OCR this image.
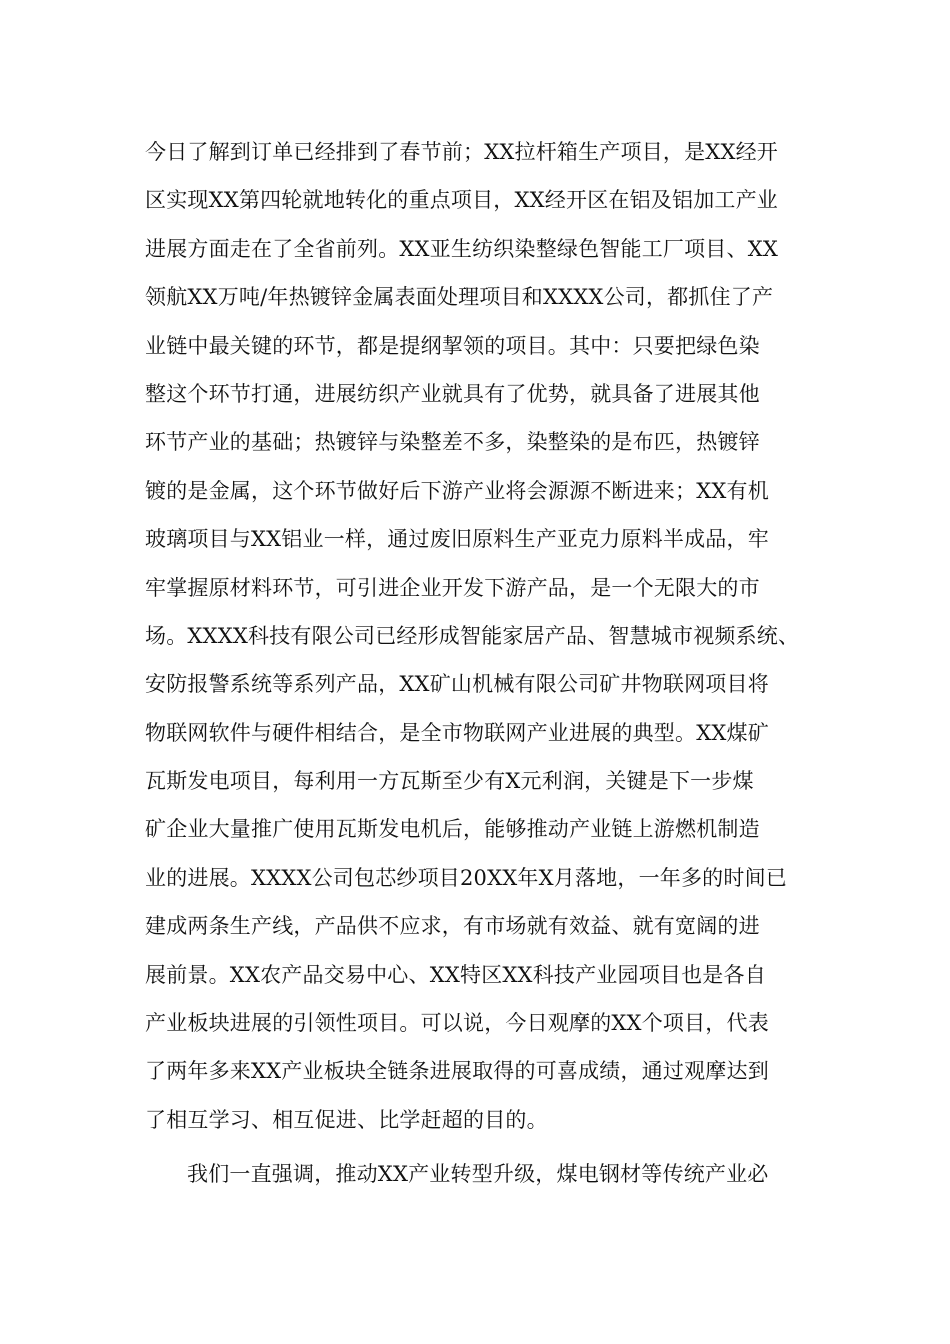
今日了解到订单已经排到了春节前；XX拉杆箱生产项目，是XX经开
区实现XX第四轮就地转化的重点项目，XX经开区在铝及铝加工产业
进展方面走在了全省前列。XX亚生纺织染整绿色智能工厂项目、XX
领航XX万吨/年热镀锌金属表面处理项目和XXXX公司，都抓住了产
业链中最关键的环节，都是提纲挈领的项目。其中：只要把绿色染
整这个环节打通，进展纺织产业就具有了优势，就具备了进展其他
环节产业的基础；热镀锌与染整差不多，染整染的是布匹，热镀锌
镀的是金属，这个环节做好后下游产业将会源源不断进来；XX有机
玻璃项目与XX铝业一样，通过废旧原料生产亚克力原料半成品，牢
牢掌握原材料环节，可引进企业开发下游产品，是一个无限大的市
场。XXXX科技有限公司已经形成智能家居产品、智慧城市视频系统、
安防报警系统等系列产品，XX矿山机械有限公司矿井物联网项目将
物联网软件与硬件相结合，是全市物联网产业进展的典型。XX煤矿
瓦斯发电项目，每利用一方瓦斯至少有X元利润，关键是下一步煤
矿企业大量推广使用瓦斯发电机后，能够推动产业链上游燃机制造
业的进展。XXXX公司包芯纱项目20XX年X月落地，一年多的时间已
建成两条生产线，产品供不应求，有市场就有效益、就有宽阔的进
展前景。XX农产品交易中心、XX特区XX科技产业园项目也是各自
产业板块进展的引领性项目。可以说，今日观摩的XX个项目，代表
了两年多来XX产业板块全链条进展取得的可喜成绩，通过观摩达到
了相互学习、相互促进、比学赶超的目的。
我们一直强调，推动XX产业转型升级，煤电钢材等传统产业必
